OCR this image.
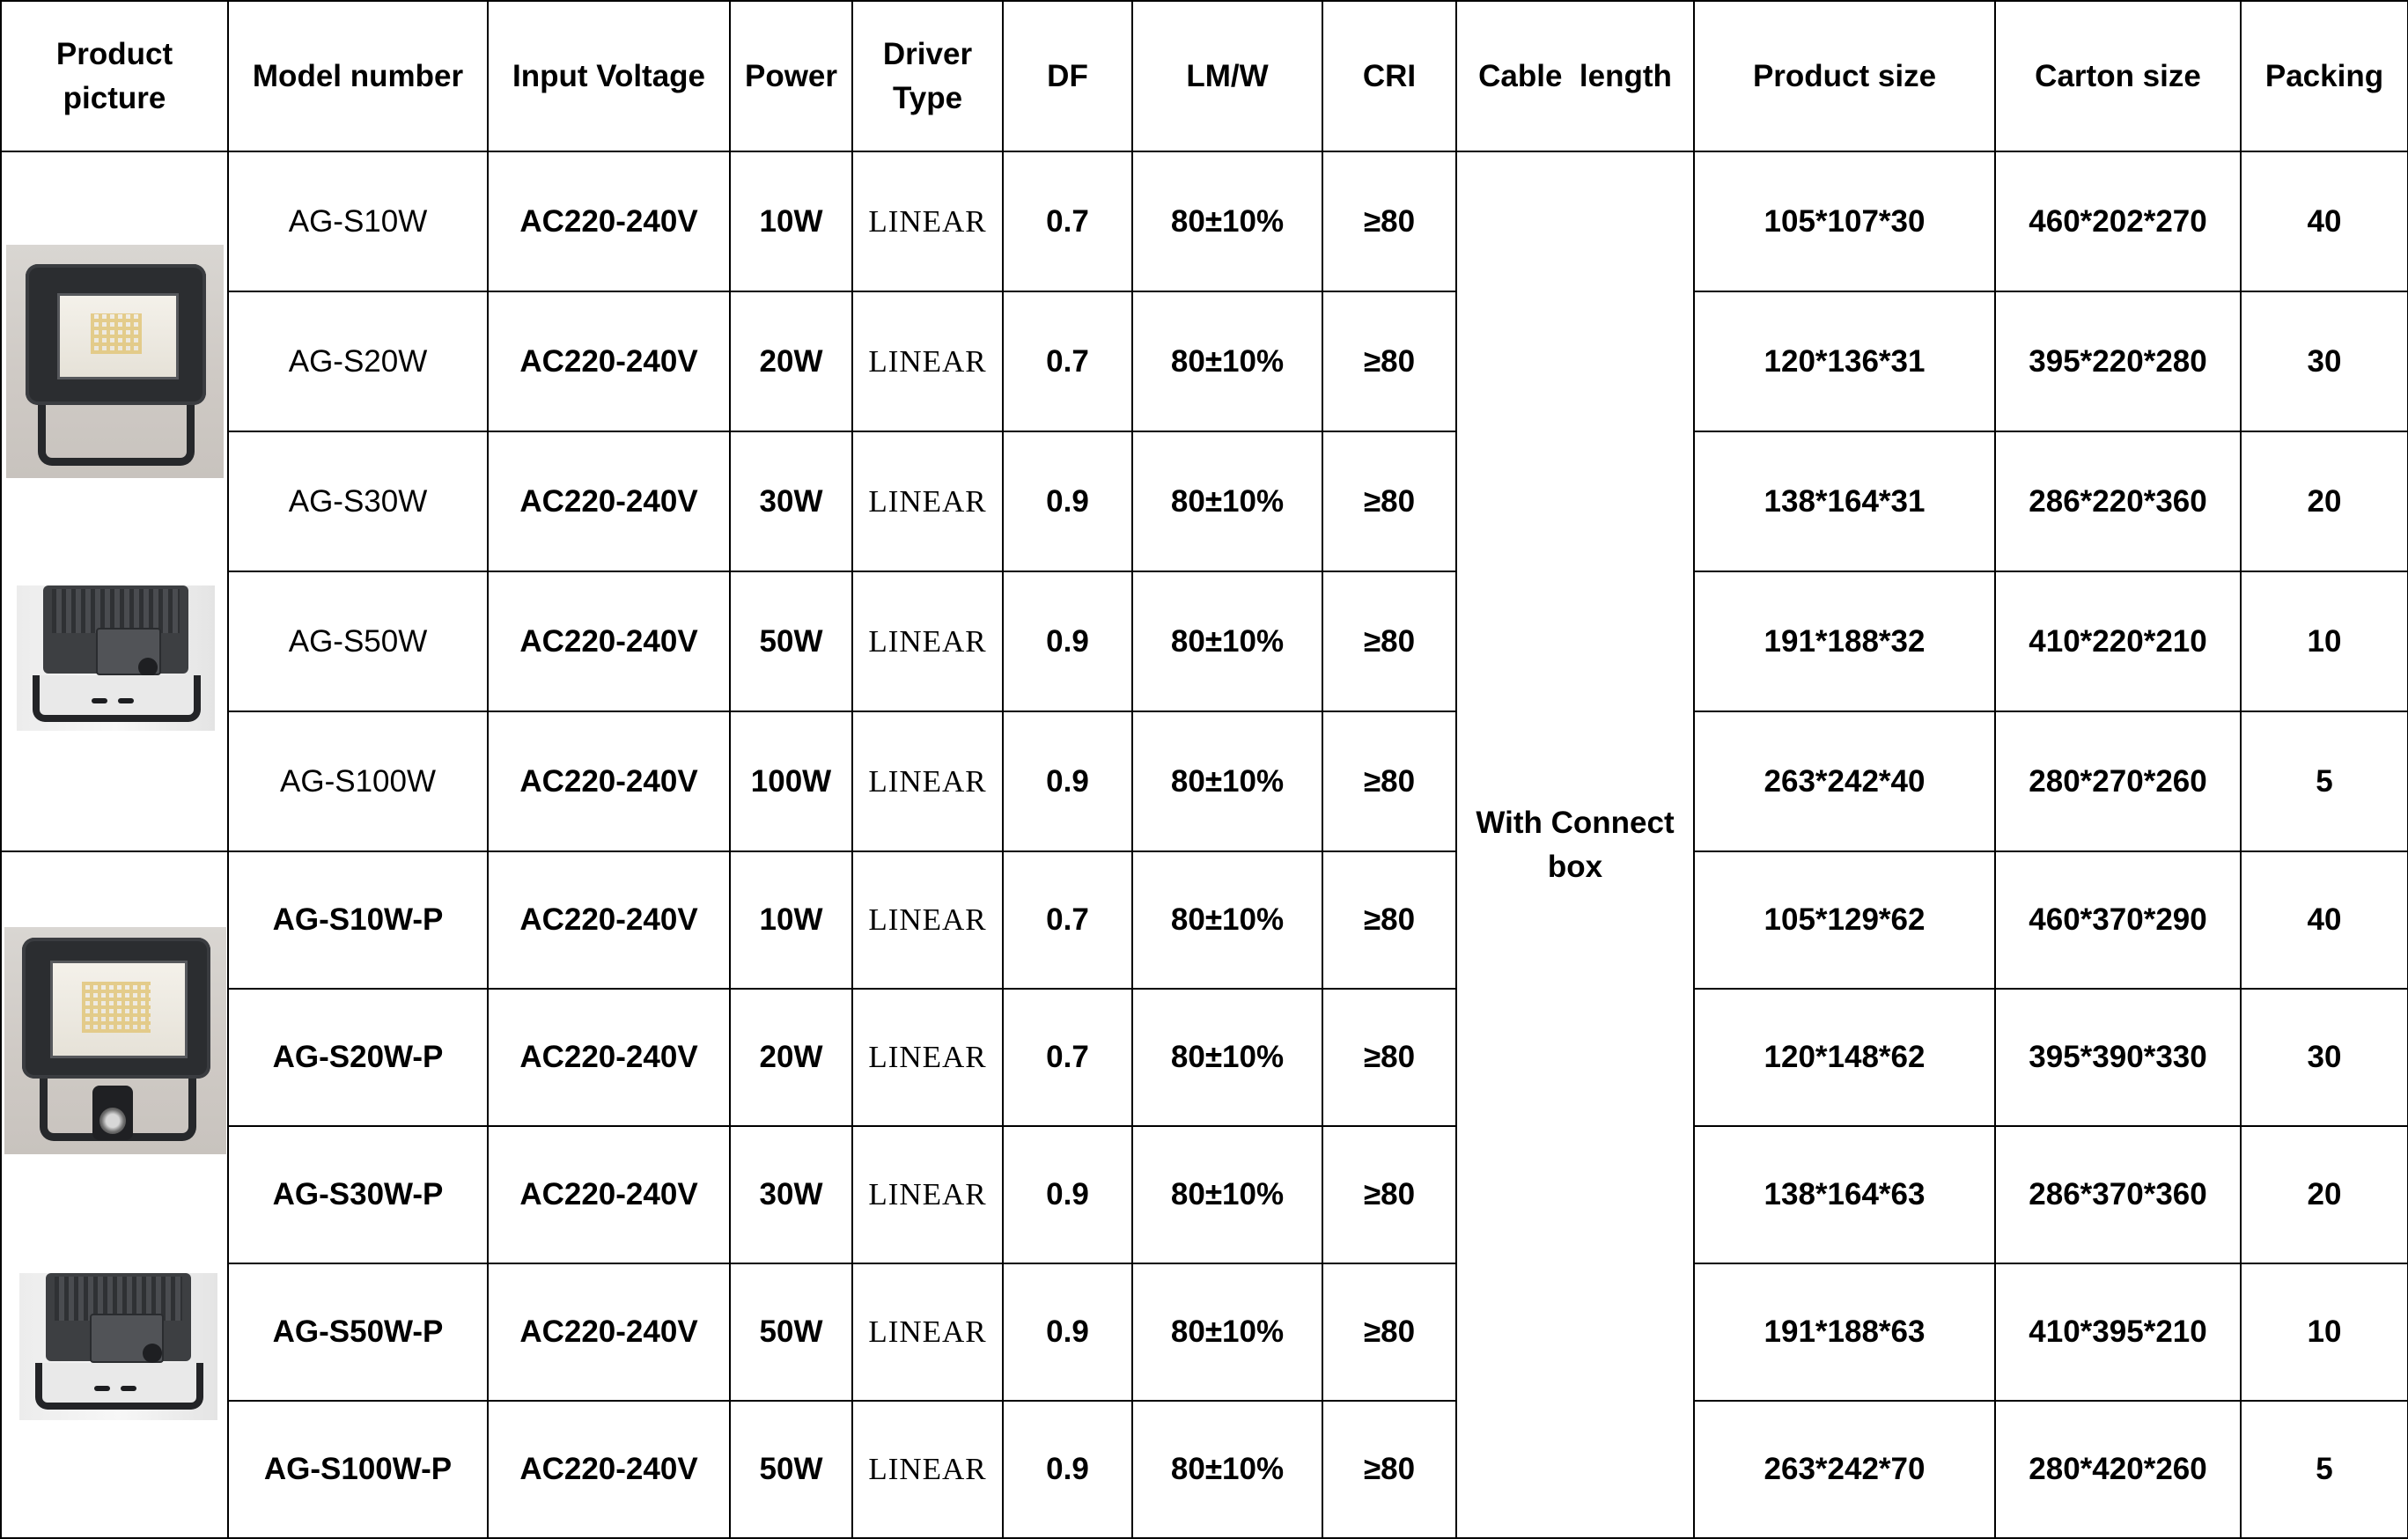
Product picture	Model number	Input Voltage	Power	Driver Type	DF	LM/W	CRI	Cable  length	Product size	Carton size	Packing

	AG-S10W	AC220-240V	10W	LINEAR	0.7	80±10%	≥80	With Connect box	105*107*30	460*202*270	40
	AG-S20W	AC220-240V	20W	LINEAR	0.7	80±10%	≥80		120*136*31	395*220*280	30
	AG-S30W	AC220-240V	30W	LINEAR	0.9	80±10%	≥80		138*164*31	286*220*360	20
	AG-S50W	AC220-240V	50W	LINEAR	0.9	80±10%	≥80		191*188*32	410*220*210	10
	AG-S100W	AC220-240V	100W	LINEAR	0.9	80±10%	≥80		263*242*40	280*270*260	5

	AG-S10W-P	AC220-240V	10W	LINEAR	0.7	80±10%	≥80		105*129*62	460*370*290	40
	AG-S20W-P	AC220-240V	20W	LINEAR	0.7	80±10%	≥80		120*148*62	395*390*330	30
	AG-S30W-P	AC220-240V	30W	LINEAR	0.9	80±10%	≥80		138*164*63	286*370*360	20
	AG-S50W-P	AC220-240V	50W	LINEAR	0.9	80±10%	≥80		191*188*63	410*395*210	10
	AG-S100W-P	AC220-240V	50W	LINEAR	0.9	80±10%	≥80		263*242*70	280*420*260	5
